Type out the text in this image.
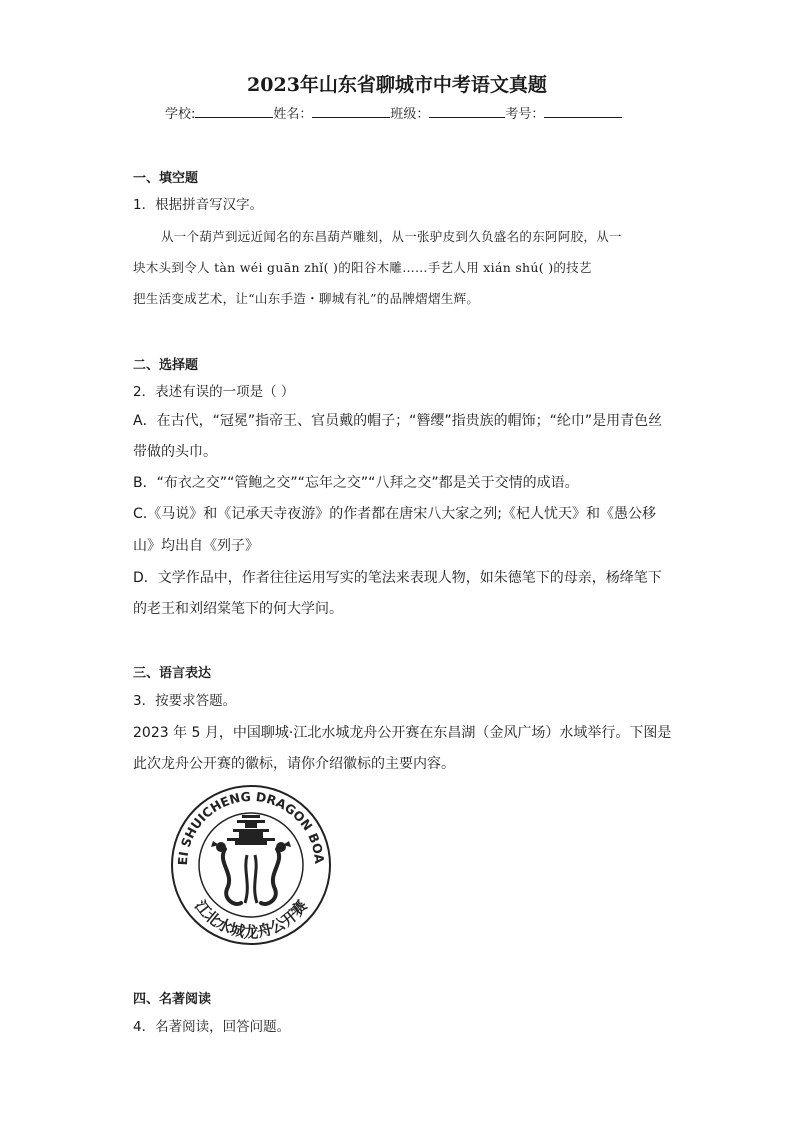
2023年山东省聊城市中考语文真题
学校:	姓名：	班级：	考号：
一、填空题
1．根据拼音写汉字。
从一个葫芦到远近闻名的东昌葫芦雕刻，从一张驴皮到久负盛名的东阿阿胶，从一
块木头到令人 tàn wéi guān zhǐ( )的阳谷木雕……手艺人用 xián shú( )的技艺
把生活变成艺术，让“山东手造・聊城有礼”的品牌熠熠生辉。
二、选择题
2．表述有误的一项是（ ）
A．在古代，“冠冕”指帝王、官员戴的帽子；“簪缨”指贵族的帽饰；“纶巾”是用青色丝
带做的头巾。
B．“布衣之交”“管鲍之交”“忘年之交”“八拜之交”都是关于交情的成语。
C.《马说》和《记承天寺夜游》的作者都在唐宋八大家之列;《杞人忧天》和《愚公移
山》均出自《列子》
D．文学作品中，作者往往运用写实的笔法来表现人物，如朱德笔下的母亲，杨绛笔下
的老王和刘绍棠笔下的何大学问。
三、语言表达
3．按要求答题。
2023 年 5 月，中国聊城·江北水城龙舟公开赛在东昌湖（金风广场）水域举行。下图是
此次龙舟公开赛的徽标，请你介绍徽标的主要内容。
EI SHUICHENG DRAGON BOA
江北水城龙舟公开赛
四、名著阅读
4．名著阅读，回答问题。
